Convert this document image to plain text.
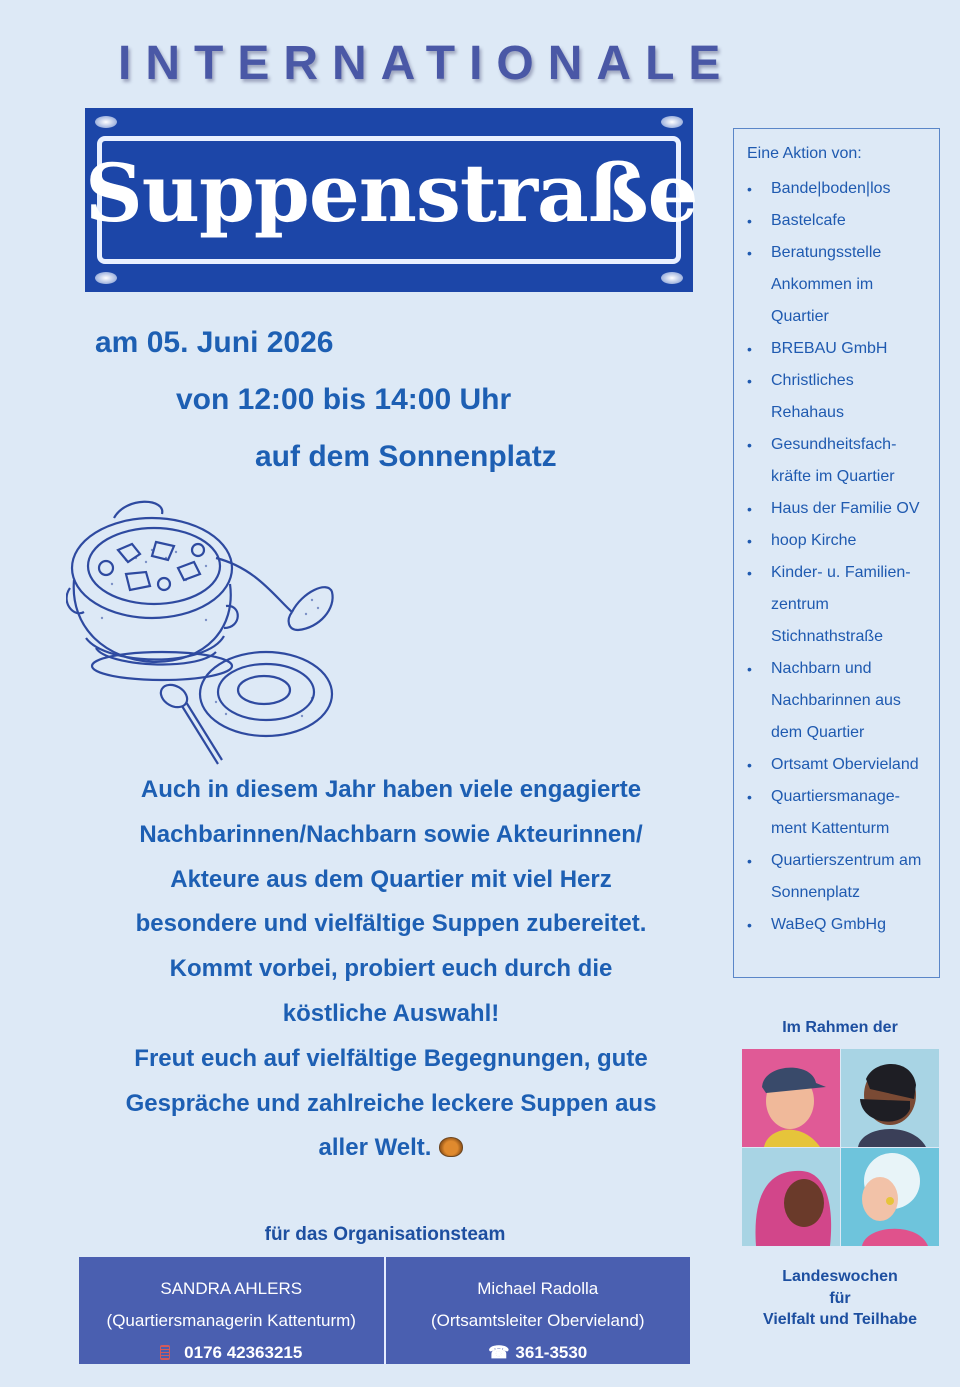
INTERNATIONALE
Suppenstraße
am 05. Juni 2026
von 12:00 bis 14:00 Uhr
auf dem Sonnenplatz
Auch in diesem Jahr haben viele engagierte
Nachbarinnen/Nachbarn sowie Akteurinnen/
Akteure aus dem Quartier mit viel Herz
besondere und vielfältige Suppen zubereitet.
Kommt vorbei, probiert euch durch die
köstliche Auswahl!
Freut euch auf vielfältige Begegnungen, gute
Gespräche und zahlreiche leckere Suppen aus
aller Welt.
für das Organisationsteam
SANDRA AHLERS
(Quartiersmanagerin Kattenturm)
0176 42363215
Michael Radolla
(Ortsamtsleiter Obervieland)
☎ 361-3530
Eine Aktion von:
• Bande|boden|los
• Bastelcafe
• Beratungsstelle Ankommen im Quartier
• BREBAU GmbH
• Christliches Rehahaus
• Gesundheitsfach-kräfte im Quartier
• Haus der Familie OV
• hoop Kirche
• Kinder- u. Familien-zentrum Stichnathstraße
• Nachbarn und Nachbarinnen aus dem Quartier
• Ortsamt Obervieland
• Quartiersmanage-ment Kattenturm
• Quartierszentrum am Sonnenplatz
• WaBeQ GmbHg
Im Rahmen der
Landeswochen
für
Vielfalt und Teilhabe
